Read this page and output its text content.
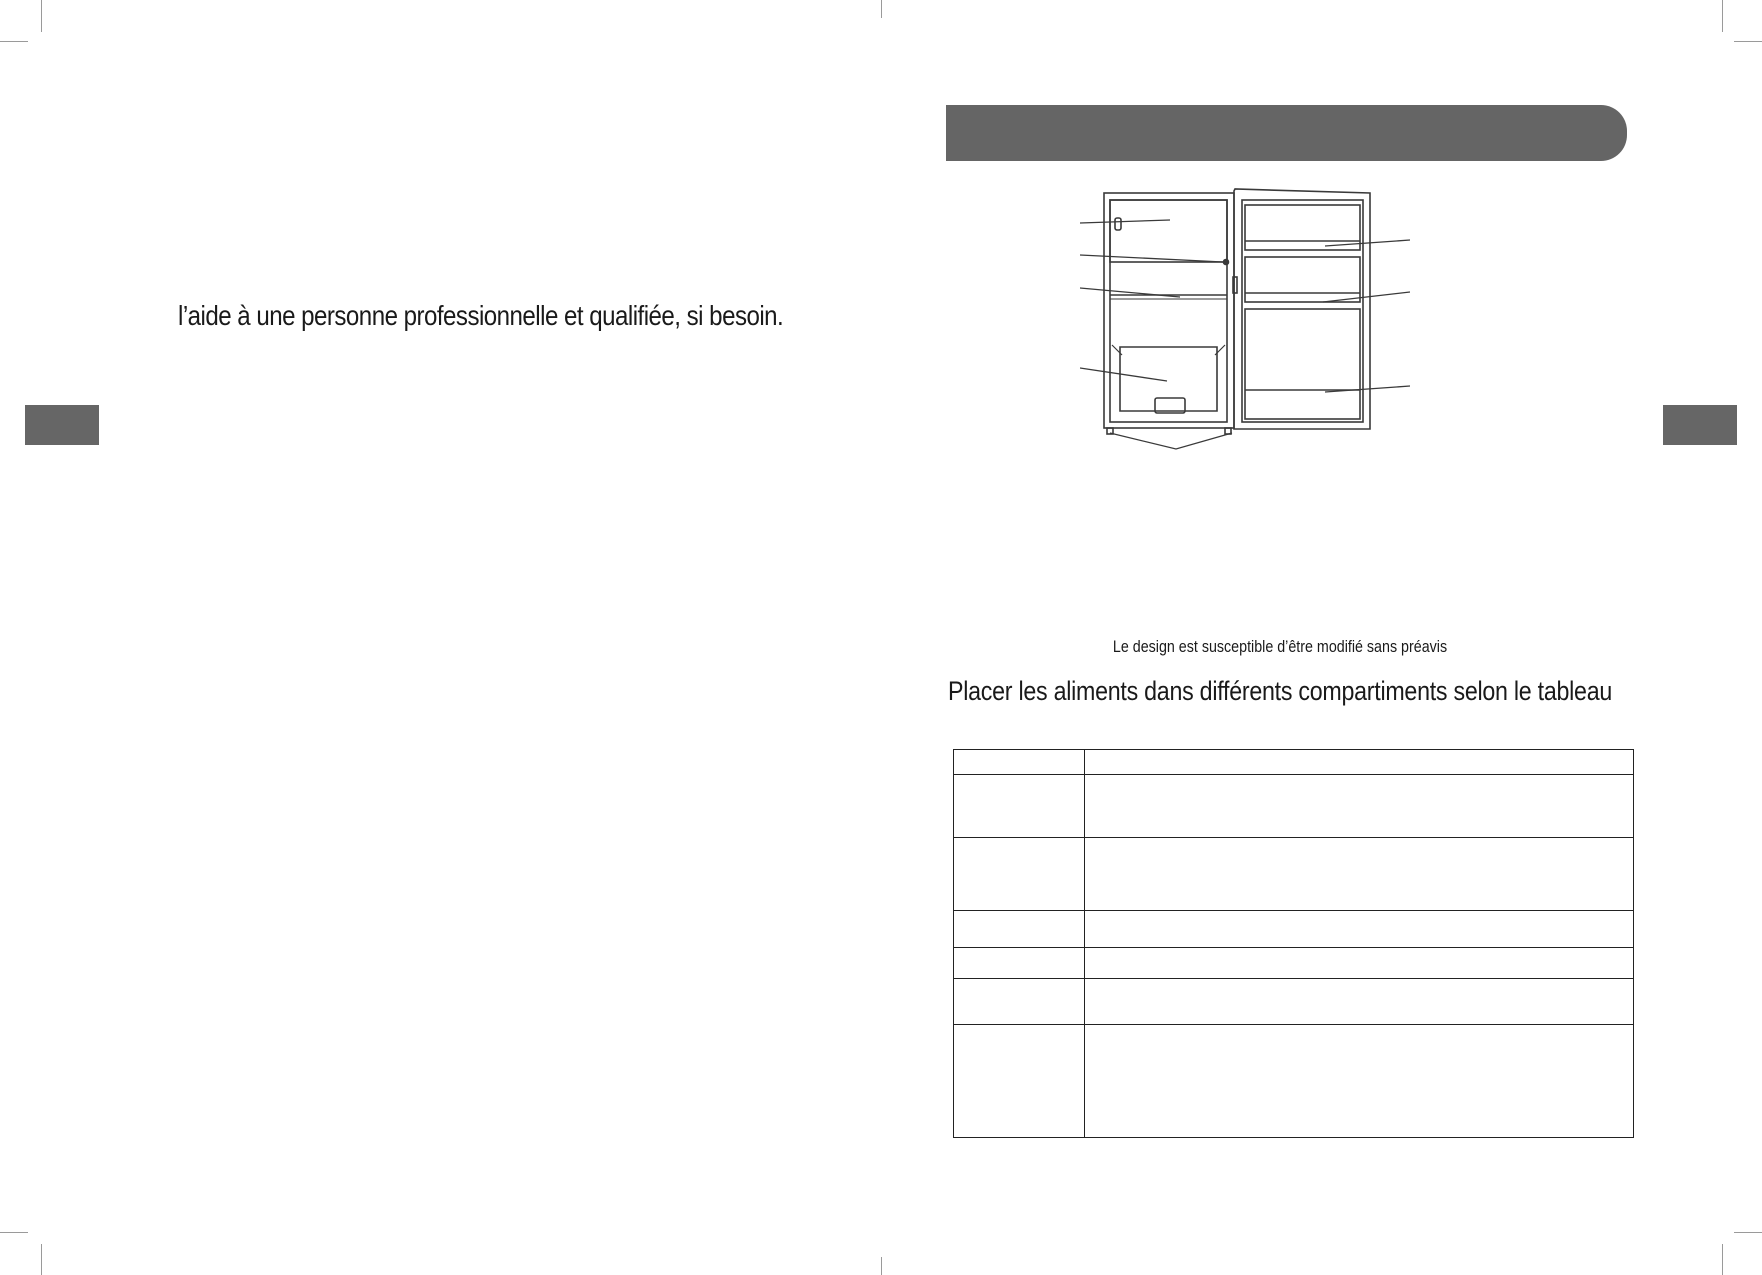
l’aide à une personne professionnelle et qualifiée, si besoin.
Le design est susceptible d’être modifié sans préavis
Placer les aliments dans différents compartiments selon le tableau
